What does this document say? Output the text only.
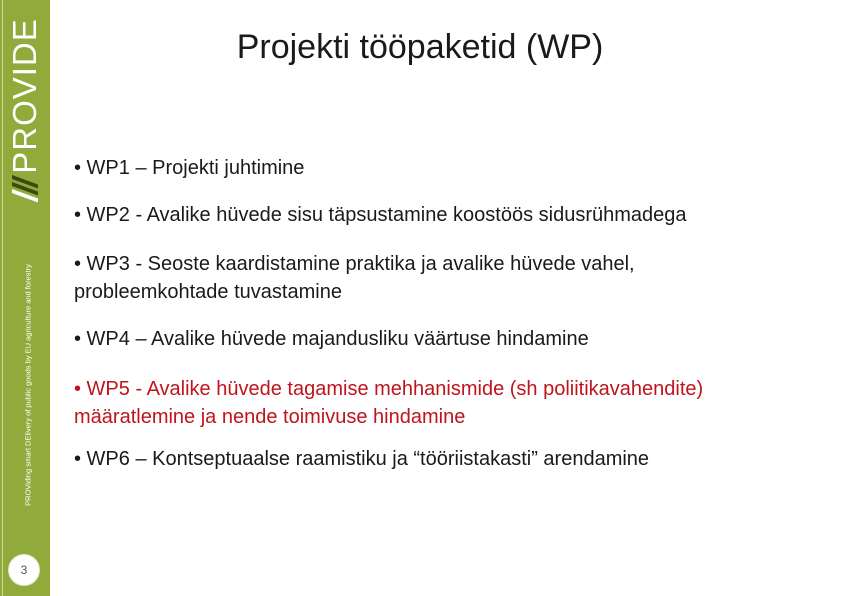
PROVIDE
PROViding smart DElivery of public goods by EU agriculture and forestry
3
Projekti tööpaketid (WP)
• WP1 – Projekti juhtimine
• WP2 - Avalike hüvede sisu täpsustamine koostöös sidusrühmadega
• WP3 - Seoste kaardistamine praktika ja avalike hüvede vahel, probleemkohtade tuvastamine
• WP4 – Avalike hüvede majandusliku väärtuse hindamine
• WP5 - Avalike hüvede tagamise mehhanismide (sh poliitikavahendite) määratlemine ja nende toimivuse hindamine
• WP6 – Kontseptuaalse raamistiku ja “tööriistakasti” arendamine
